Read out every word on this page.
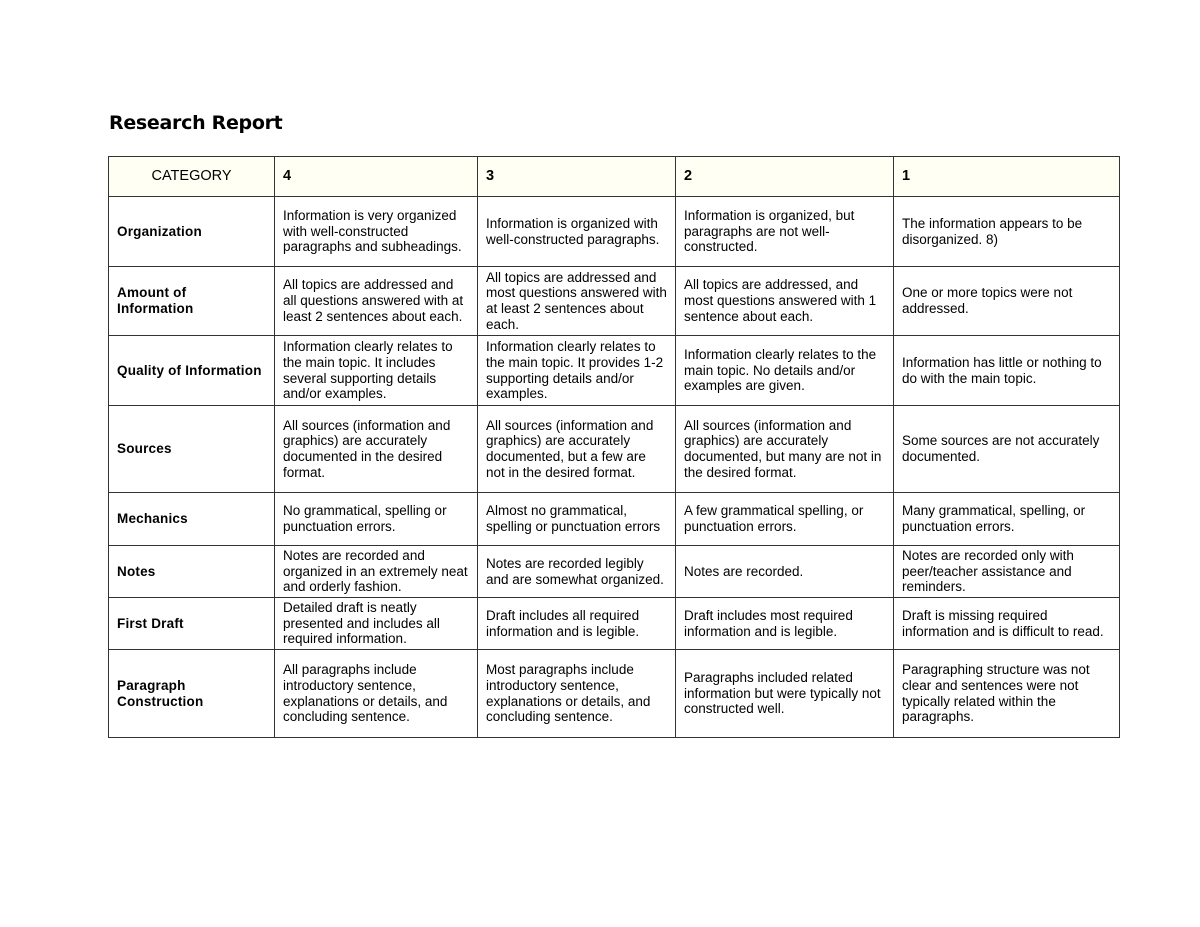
Research Report
CATEGORY	4	3	2	1
Organization	Information is very organized with well-constructed paragraphs and subheadings.	Information is organized with well-constructed paragraphs.	Information is organized, but paragraphs are not well-constructed.	The information appears to be disorganized. 8)
Amount of Information	All topics are addressed and all questions answered with at least 2 sentences about each.	All topics are addressed and most questions answered with at least 2 sentences about each.	All topics are addressed, and most questions answered with 1 sentence about each.	One or more topics were not addressed.
Quality of Information	Information clearly relates to the main topic. It includes several supporting details and/or examples.	Information clearly relates to the main topic. It provides 1-2 supporting details and/or examples.	Information clearly relates to the main topic. No details and/or examples are given.	Information has little or nothing to do with the main topic.
Sources	All sources (information and graphics) are accurately documented in the desired format.	All sources (information and graphics) are accurately documented, but a few are not in the desired format.	All sources (information and graphics) are accurately documented, but many are not in the desired format.	Some sources are not accurately documented.
Mechanics	No grammatical, spelling or punctuation errors.	Almost no grammatical, spelling or punctuation errors	A few grammatical spelling, or punctuation errors.	Many grammatical, spelling, or punctuation errors.
Notes	Notes are recorded and organized in an extremely neat and orderly fashion.	Notes are recorded legibly and are somewhat organized.	Notes are recorded.	Notes are recorded only with peer/teacher assistance and reminders.
First Draft	Detailed draft is neatly presented and includes all required information.	Draft includes all required information and is legible.	Draft includes most required information and is legible.	Draft is missing required information and is difficult to read.
Paragraph Construction	All paragraphs include introductory sentence, explanations or details, and concluding sentence.	Most paragraphs include introductory sentence, explanations or details, and concluding sentence.	Paragraphs included related information but were typically not constructed well.	Paragraphing structure was not clear and sentences were not typically related within the paragraphs.
